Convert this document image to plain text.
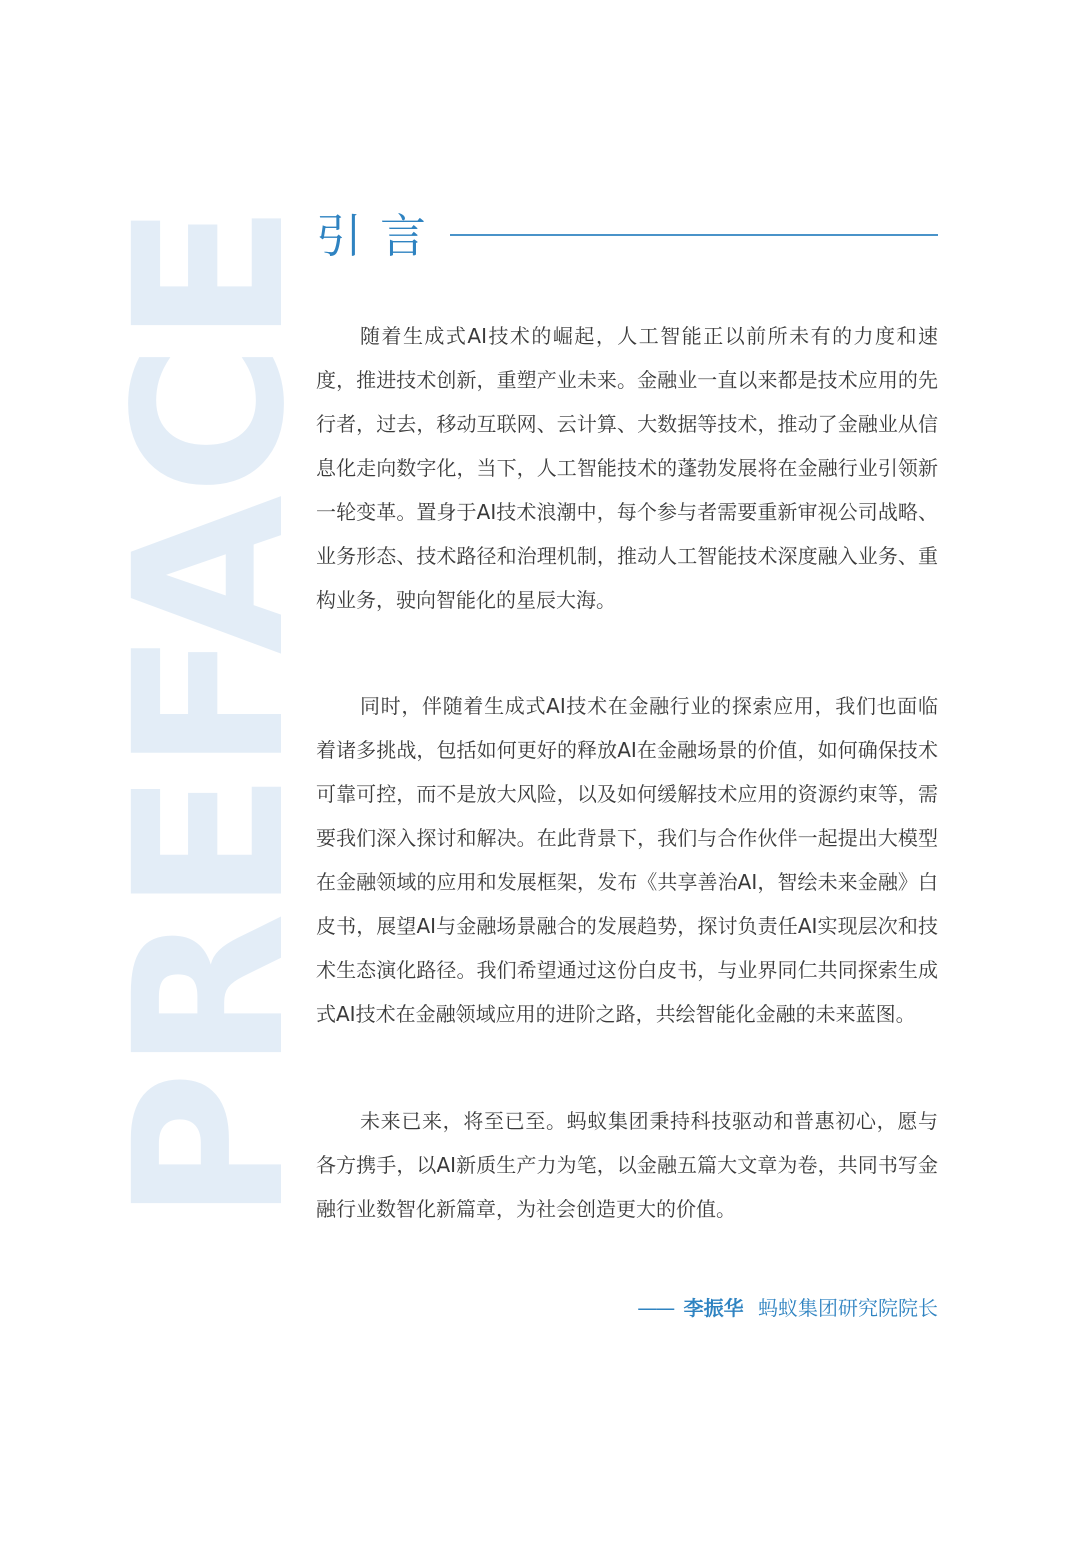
PREFACE
引言

随着生成式AI技术的崛起，人工智能正以前所未有的力度和速度，推进技术创新，重塑产业未来。金融业一直以来都是技术应用的先行者，过去，移动互联网、云计算、大数据等技术，推动了金融业从信息化走向数字化，当下，人工智能技术的蓬勃发展将在金融行业引领新一轮变革。置身于AI技术浪潮中，每个参与者需要重新审视公司战略、业务形态、技术路径和治理机制，推动人工智能技术深度融入业务、重构业务，驶向智能化的星辰大海。

同时，伴随着生成式AI技术在金融行业的探索应用，我们也面临着诸多挑战，包括如何更好的释放AI在金融场景的价值，如何确保技术可靠可控，而不是放大风险，以及如何缓解技术应用的资源约束等，需要我们深入探讨和解决。在此背景下，我们与合作伙伴一起提出大模型在金融领域的应用和发展框架，发布《共享善治AI，智绘未来金融》白皮书，展望AI与金融场景融合的发展趋势，探讨负责任AI实现层次和技术生态演化路径。我们希望通过这份白皮书，与业界同仁共同探索生成式AI技术在金融领域应用的进阶之路，共绘智能化金融的未来蓝图。

未来已来，将至已至。蚂蚁集团秉持科技驱动和普惠初心，愿与各方携手，以AI新质生产力为笔，以金融五篇大文章为卷，共同书写金融行业数智化新篇章，为社会创造更大的价值。

—— 李振华 蚂蚁集团研究院院长
